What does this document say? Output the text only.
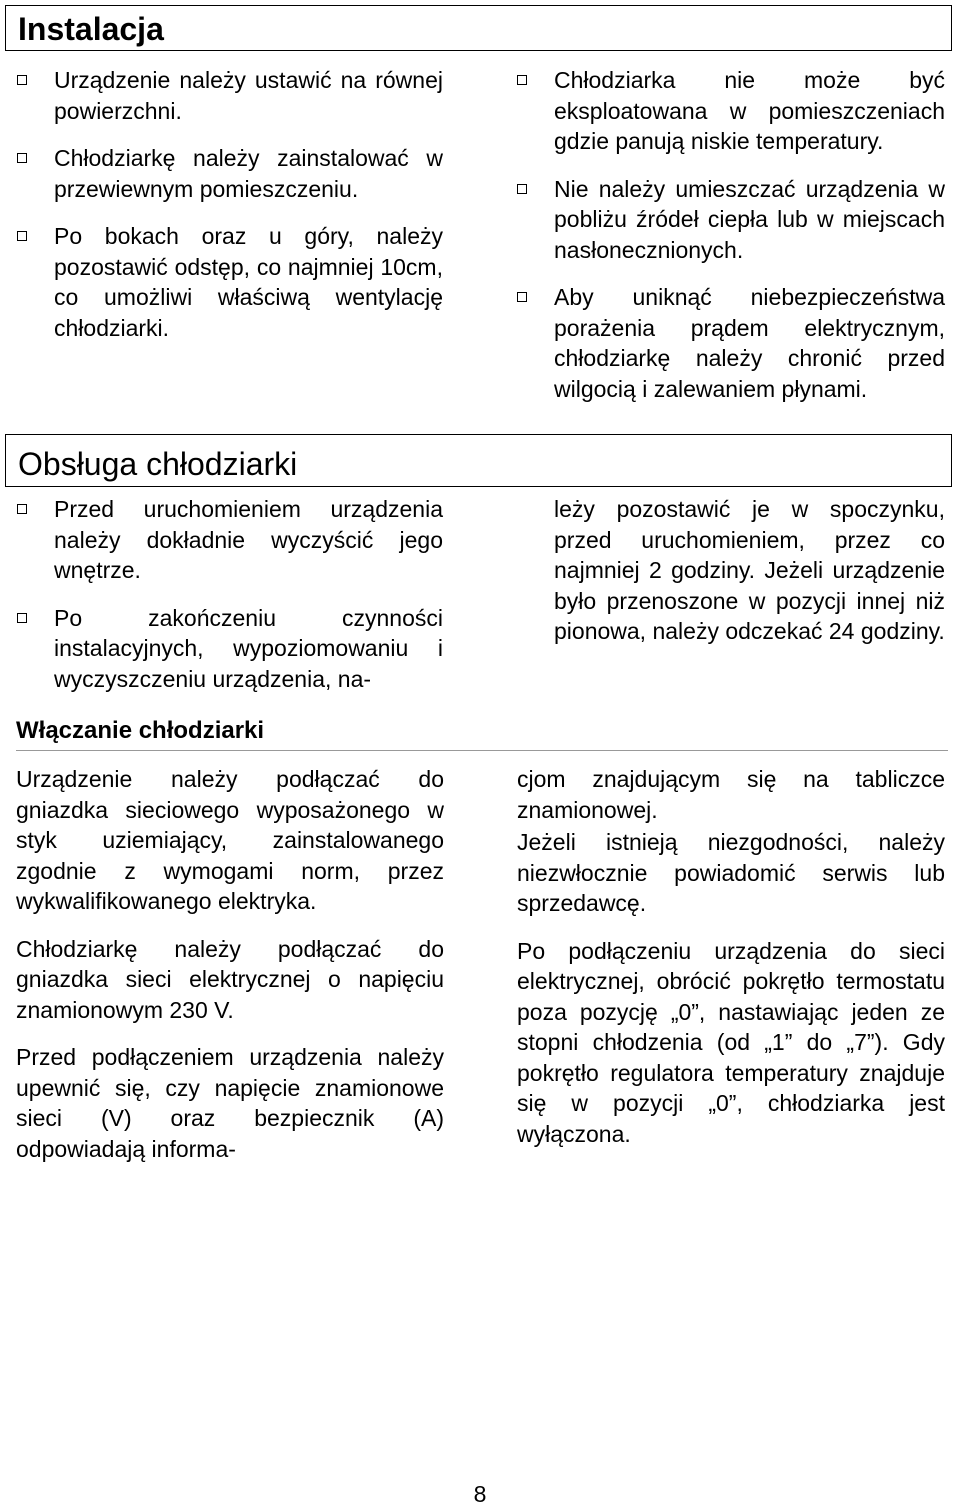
Instalacja
Urządzenie należy ustawić na równej powierzchni.
Chłodziarkę należy zainstalować w przewiewnym pomieszczeniu.
Po bokach oraz u góry, należy pozostawić odstęp, co najmniej 10cm, co umożliwi właściwą wentylację chłodziarki.
Chłodziarka nie może być eksploatowana w pomieszczeniach gdzie panują niskie temperatury.
Nie należy umieszczać urządzenia w pobliżu źródeł ciepła lub w miejscach nasłonecznionych.
Aby uniknąć niebezpieczeństwa porażenia prądem elektrycznym, chłodziarkę należy chronić przed wilgocią i zalewaniem płynami.
Obsługa chłodziarki
Przed uruchomieniem urządzenia należy dokładnie wyczyścić jego wnętrze.
Po zakończeniu czynności instalacyjnych, wypoziomowaniu i wyczyszczeniu urządzenia, na-

leży pozostawić je w spoczynku, przed uruchomieniem, przez co najmniej 2 godziny. Jeżeli urządzenie było przenoszone w pozycji innej niż pionowa, należy odczekać 24 godziny.

Włączanie chłodziarki

Urządzenie należy podłączać do gniazdka sieciowego wyposażonego w styk uziemiający, zainstalowanego zgodnie z wymogami norm, przez wykwalifikowanego elektryka.

Chłodziarkę należy podłączać do gniazdka sieci elektrycznej o napięciu znamionowym 230 V.

Przed podłączeniem urządzenia należy upewnić się, czy napięcie znamionowe sieci (V) oraz bezpiecznik (A) odpowiadają informa-

cjom znajdującym się na tabliczce znamionowej.

Jeżeli istnieją niezgodności, należy niezwłocznie powiadomić serwis lub sprzedawcę.

Po podłączeniu urządzenia do sieci elektrycznej, obrócić pokrętło termostatu poza pozycję „0”, nastawiając jeden ze stopni chłodzenia (od „1” do „7”). Gdy pokrętło regulatora temperatury znajduje się w pozycji „0”, chłodziarka jest wyłączona.

8
